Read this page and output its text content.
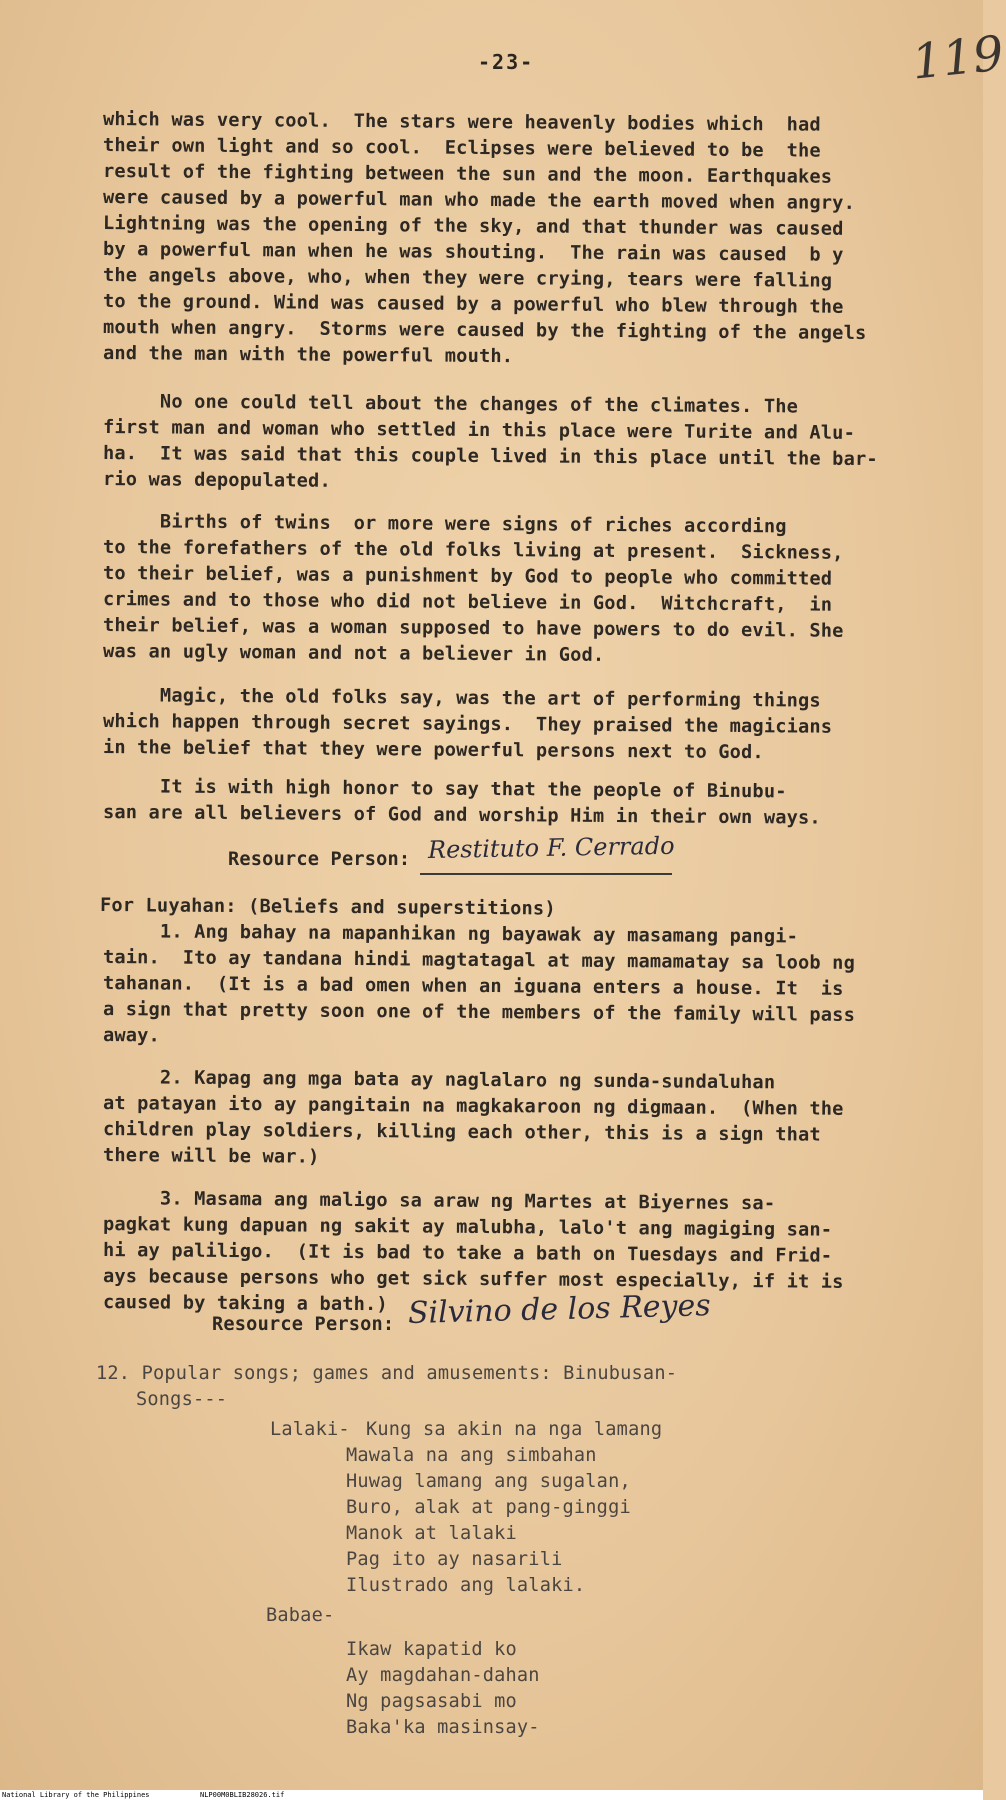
-23-	119
which was very cool.  The stars were heavenly bodies which  had
their own light and so cool.  Eclipses were believed to be  the
result of the fighting between the sun and the moon. Earthquakes
were caused by a powerful man who made the earth moved when angry.
Lightning was the opening of the sky, and that thunder was caused
by a powerful man when he was shouting.  The rain was caused  b y
the angels above, who, when they were crying, tears were falling
to the ground. Wind was caused by a powerful who blew through the
mouth when angry.  Storms were caused by the fighting of the angels
and the man with the powerful mouth.
No one could tell about the changes of the climates. The
first man and woman who settled in this place were Turite and Alu-
ha.  It was said that this couple lived in this place until the bar-
rio was depopulated.
Births of twins  or more were signs of riches according
to the forefathers of the old folks living at present.  Sickness,
to their belief, was a punishment by God to people who committed
crimes and to those who did not believe in God.  Witchcraft,  in
their belief, was a woman supposed to have powers to do evil. She
was an ugly woman and not a believer in God.
Magic, the old folks say, was the art of performing things
which happen through secret sayings.  They praised the magicians
in the belief that they were powerful persons next to God.
It is with high honor to say that the people of Binubu-
san are all believers of God and worship Him in their own ways.
Resource Person: Restituto F. Cerrado
For Luyahan: (Beliefs and superstitions)
1. Ang bahay na mapanhikan ng bayawak ay masamang pangi-
tain.  Ito ay tandana hindi magtatagal at may mamamatay sa loob ng
tahanan.  (It is a bad omen when an iguana enters a house. It  is
a sign that pretty soon one of the members of the family will pass
away.
2. Kapag ang mga bata ay naglalaro ng sunda-sundaluhan
at patayan ito ay pangitain na magkakaroon ng digmaan.  (When the
children play soldiers, killing each other, this is a sign that
there will be war.)
3. Masama ang maligo sa araw ng Martes at Biyernes sa-
pagkat kung dapuan ng sakit ay malubha, lalo't ang magiging san-
hi ay paliligo.  (It is bad to take a bath on Tuesdays and Frid-
ays because persons who get sick suffer most especially, if it is
caused by taking a bath.)
Resource Person: Silvino de los Reyes
12. Popular songs; games and amusements: Binubusan-
Songs---
Lalaki- Kung sa akin na nga lamang
Mawala na ang simbahan
Huwag lamang ang sugalan,
Buro, alak at pang-ginggi
Manok at lalaki
Pag ito ay nasarili
Ilustrado ang lalaki.
Babae-
Ikaw kapatid ko
Ay magdahan-dahan
Ng pagsasabi mo
Baka'ka masinsay-
National Library of the Philippines	NLP00M0BLIB28026.tif
